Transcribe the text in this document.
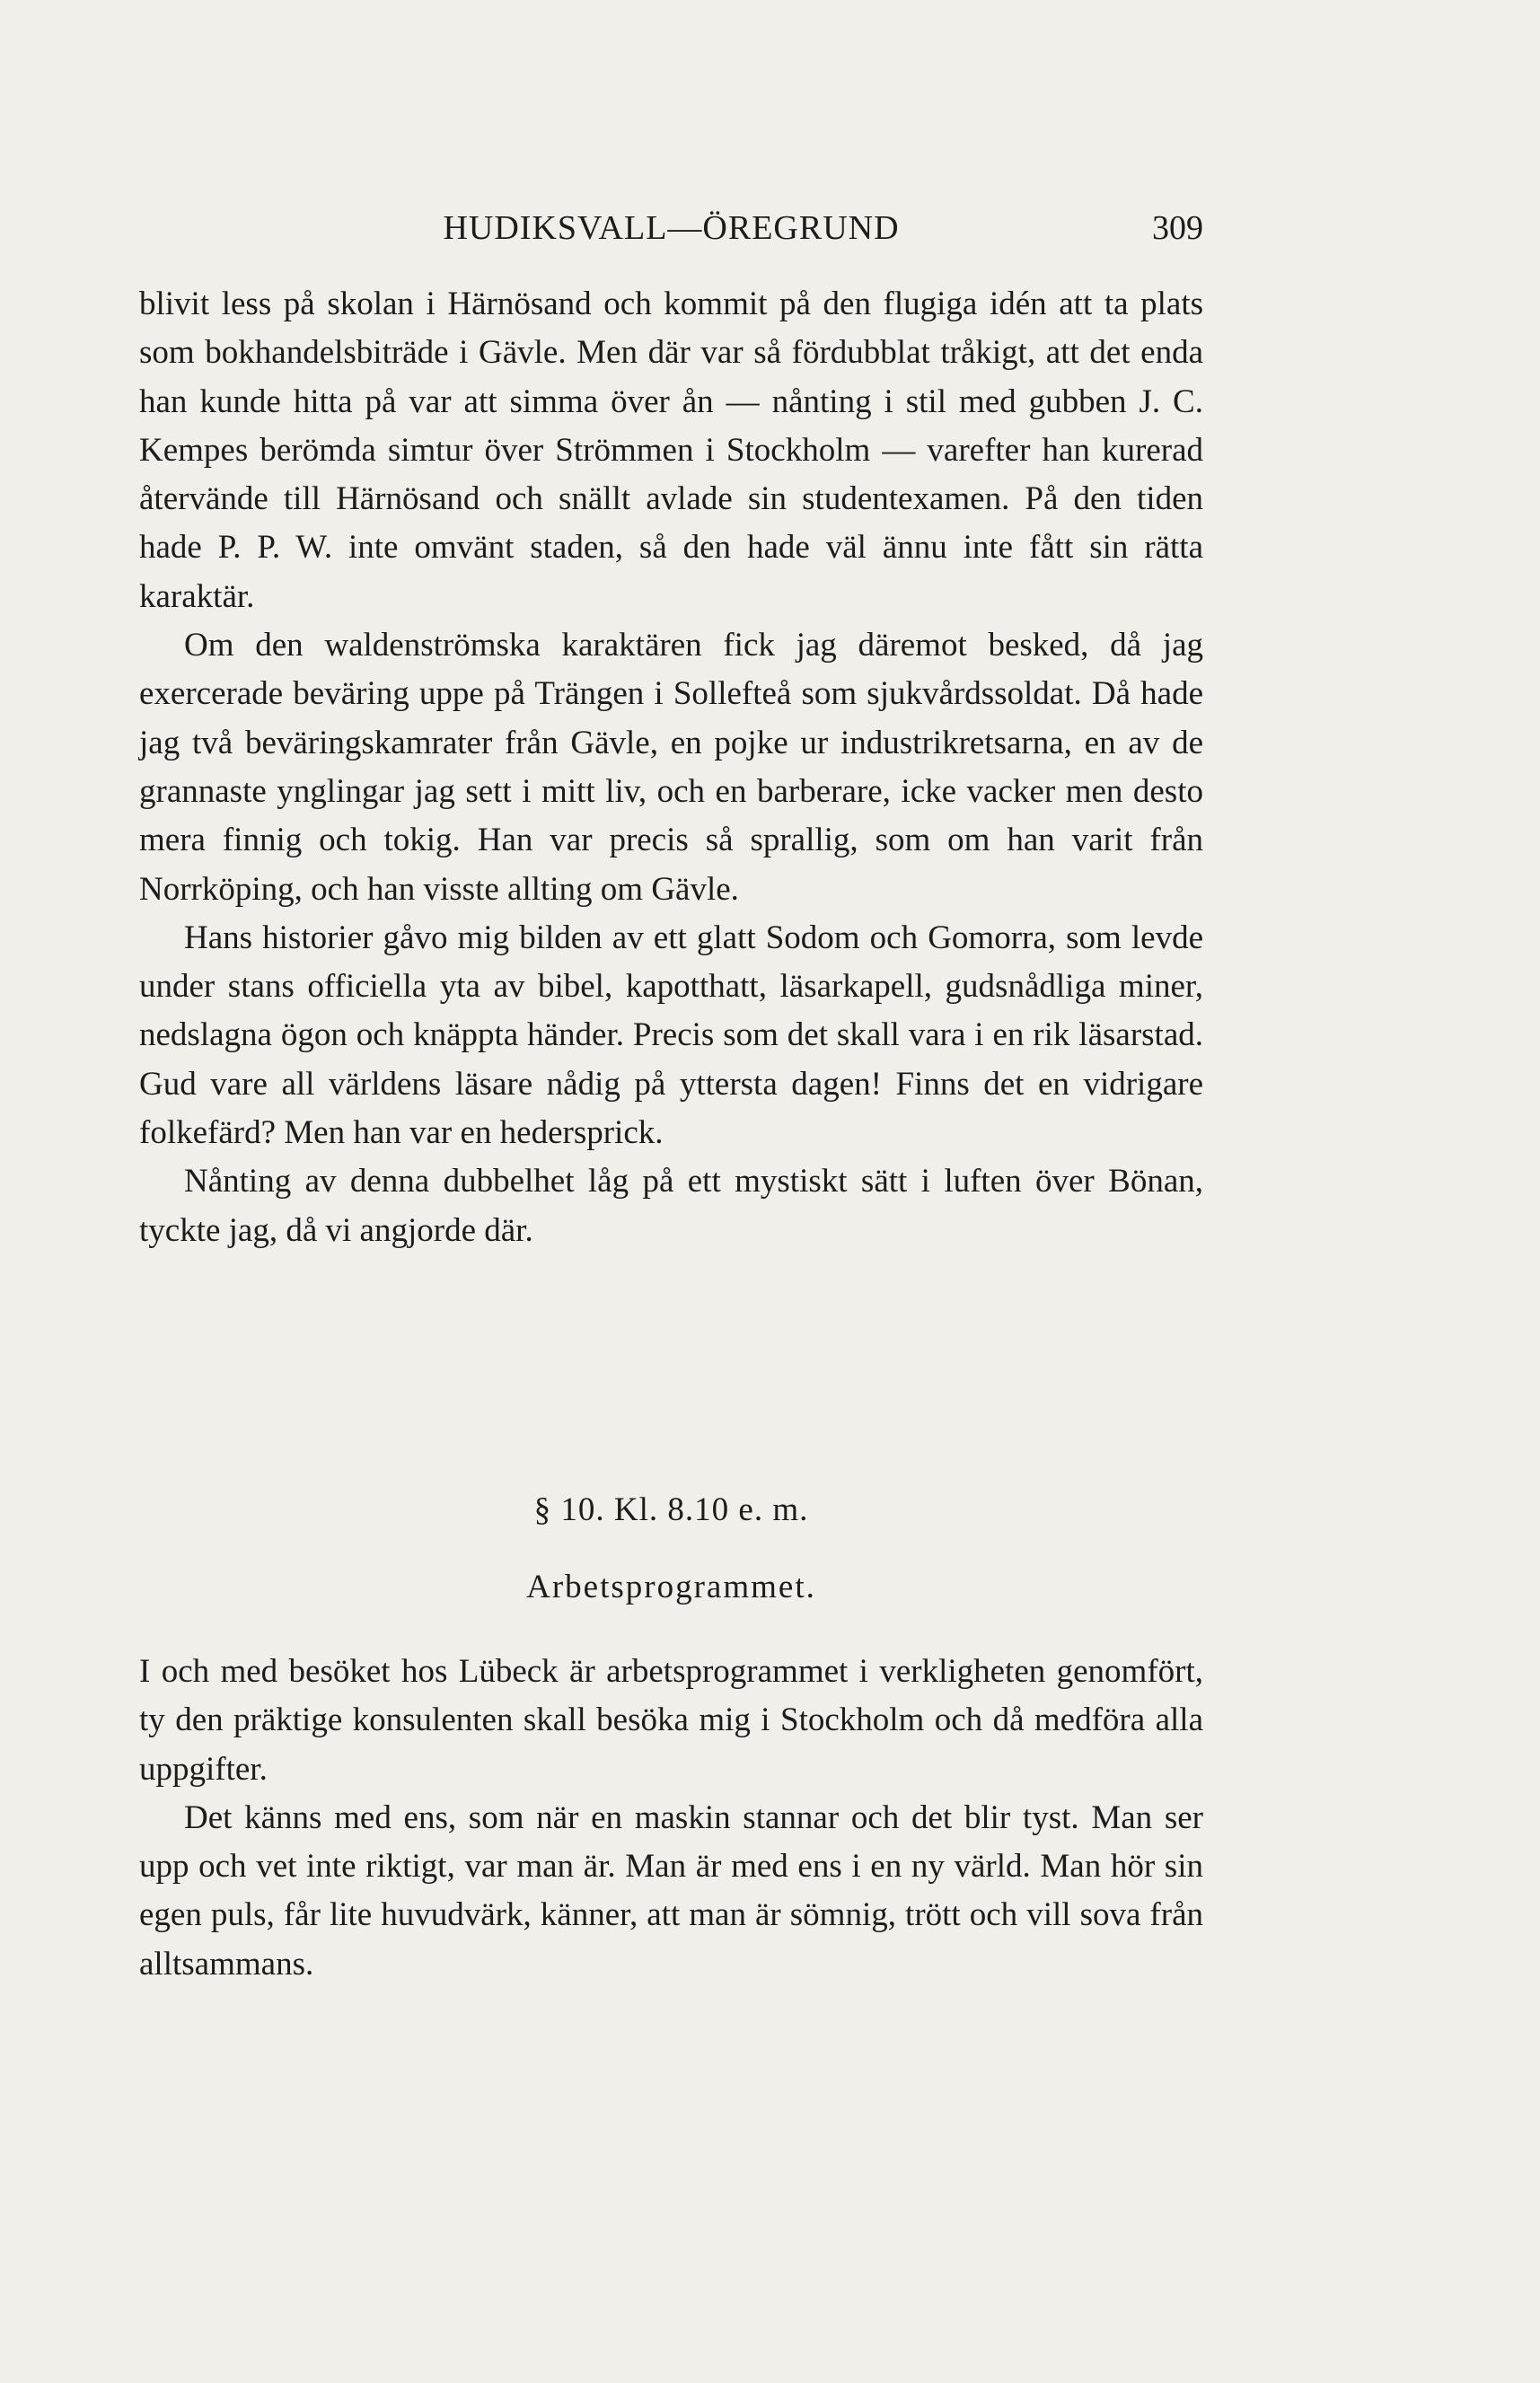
HUDIKSVALL—ÖREGRUND	309

blivit less på skolan i Härnösand och kommit på den flugiga idén att ta plats som bokhandelsbiträde i Gävle. Men där var så fördubblat tråkigt, att det enda han kunde hitta på var att simma över ån — nånting i stil med gubben J. C. Kempes berömda simtur över Strömmen i Stockholm — varefter han kurerad återvände till Härnösand och snällt avlade sin studentexamen. På den tiden hade P. P. W. inte omvänt staden, så den hade väl ännu inte fått sin rätta karaktär.

Om den waldenströmska karaktären fick jag däremot besked, då jag exercerade beväring uppe på Trängen i Sollefteå som sjukvårdssoldat. Då hade jag två beväringskamrater från Gävle, en pojke ur industrikretsarna, en av de grannaste ynglingar jag sett i mitt liv, och en barberare, icke vacker men desto mera finnig och tokig. Han var precis så sprallig, som om han varit från Norrköping, och han visste allting om Gävle.

Hans historier gåvo mig bilden av ett glatt Sodom och Gomorra, som levde under stans officiella yta av bibel, kapotthatt, läsarkapell, gudsnådliga miner, nedslagna ögon och knäppta händer. Precis som det skall vara i en rik läsarstad. Gud vare all världens läsare nådig på yttersta dagen! Finns det en vidrigare folkefärd? Men han var en hedersprick.

Nånting av denna dubbelhet låg på ett mystiskt sätt i luften över Bönan, tyckte jag, då vi angjorde där.

§ 10. Kl. 8.10 e. m.
Arbetsprogrammet.

I och med besöket hos Lübeck är arbetsprogrammet i verkligheten genomfört, ty den präktige konsulenten skall besöka mig i Stockholm och då medföra alla uppgifter.

Det känns med ens, som när en maskin stannar och det blir tyst. Man ser upp och vet inte riktigt, var man är. Man är med ens i en ny värld. Man hör sin egen puls, får lite huvudvärk, känner, att man är sömnig, trött och vill sova från alltsammans.
